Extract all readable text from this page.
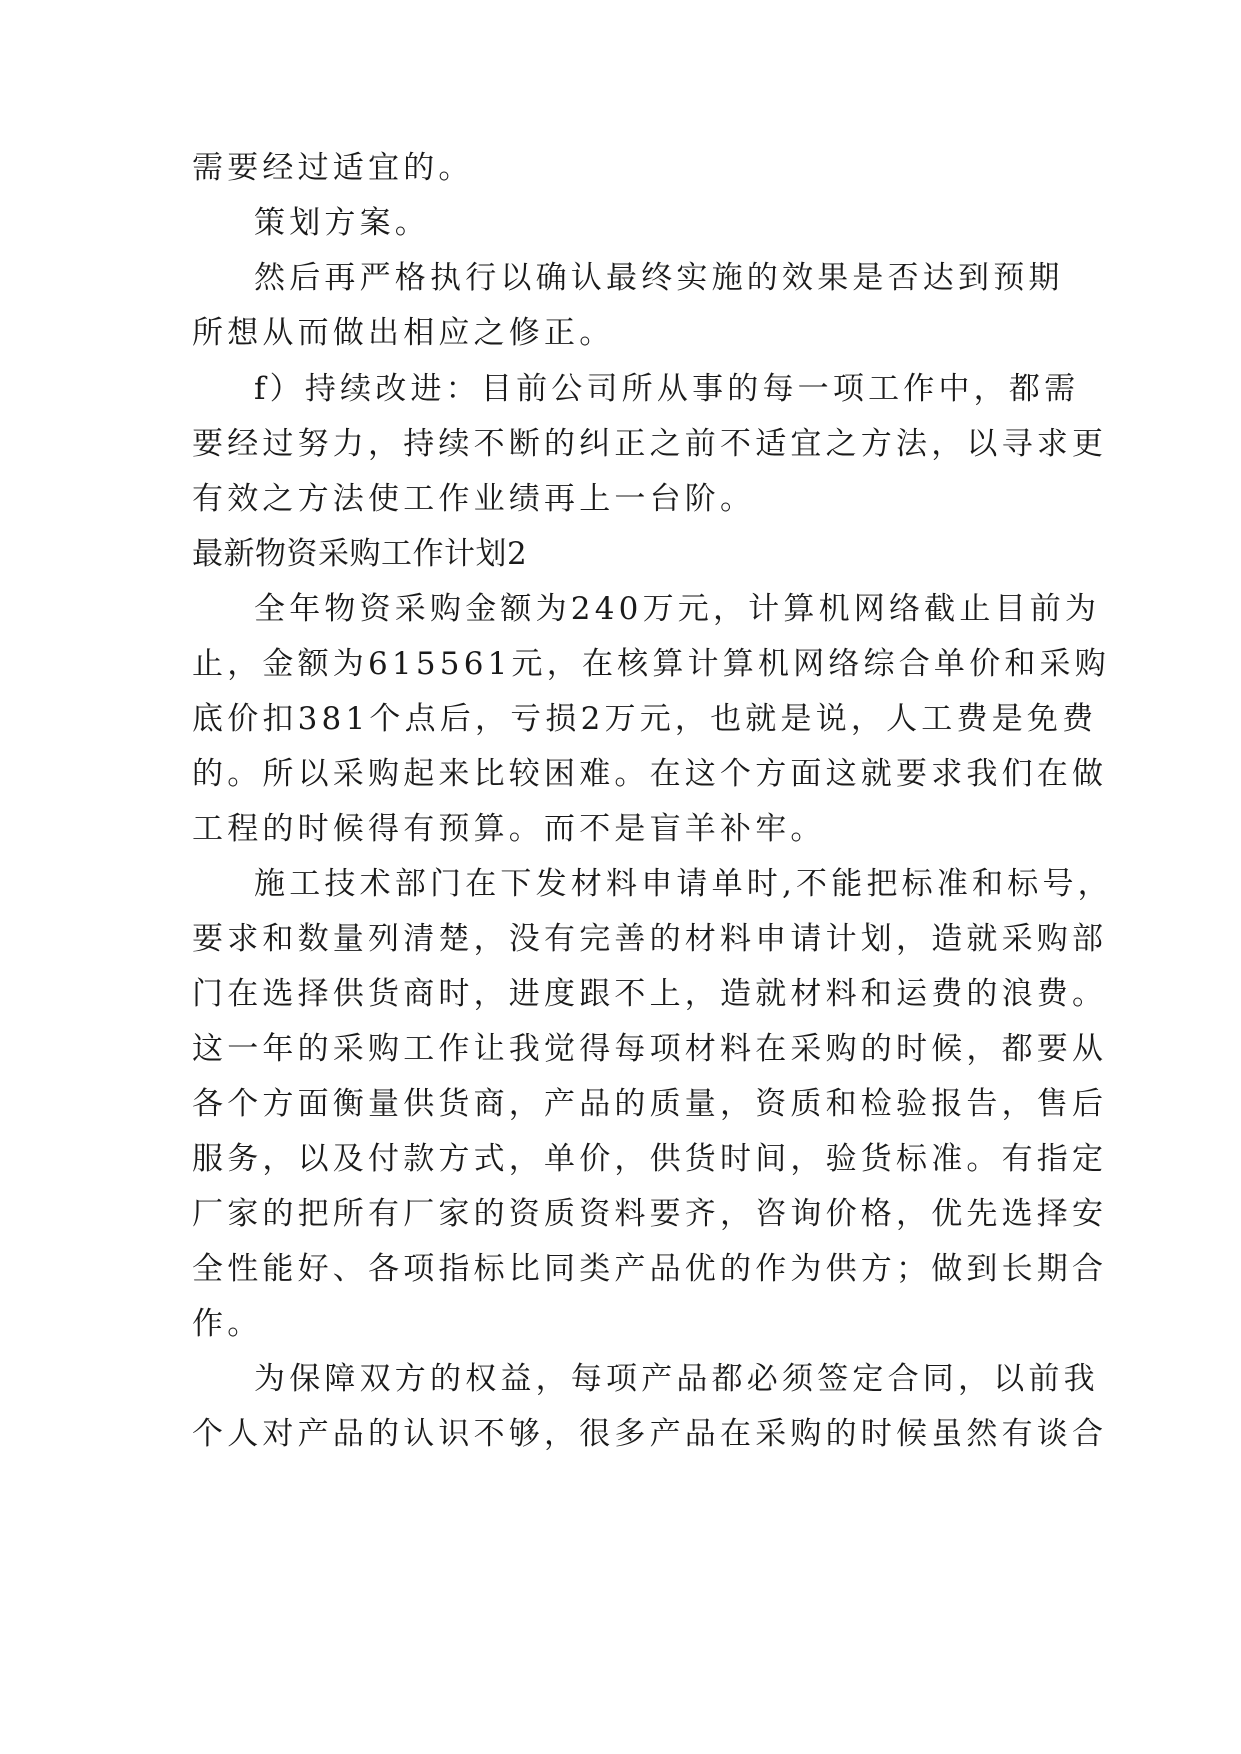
需要经过适宜的。
策划方案。
然后再严格执行以确认最终实施的效果是否达到预期
所想从而做出相应之修正。
f）持续改进：目前公司所从事的每一项工作中，都需
要经过努力，持续不断的纠正之前不适宜之方法，以寻求更
有效之方法使工作业绩再上一台阶。
最新物资采购工作计划2
全年物资采购金额为240万元，计算机网络截止目前为
止，金额为615561元，在核算计算机网络综合单价和采购
底价扣381个点后，亏损2万元，也就是说，人工费是免费
的。所以采购起来比较困难。在这个方面这就要求我们在做
工程的时候得有预算。而不是盲羊补牢。
施工技术部门在下发材料申请单时,不能把标准和标号，
要求和数量列清楚，没有完善的材料申请计划，造就采购部
门在选择供货商时，进度跟不上，造就材料和运费的浪费。
这一年的采购工作让我觉得每项材料在采购的时候，都要从
各个方面衡量供货商，产品的质量，资质和检验报告，售后
服务，以及付款方式，单价，供货时间，验货标准。有指定
厂家的把所有厂家的资质资料要齐，咨询价格，优先选择安
全性能好、各项指标比同类产品优的作为供方；做到长期合
作。
为保障双方的权益，每项产品都必须签定合同，以前我
个人对产品的认识不够，很多产品在采购的时候虽然有谈合
